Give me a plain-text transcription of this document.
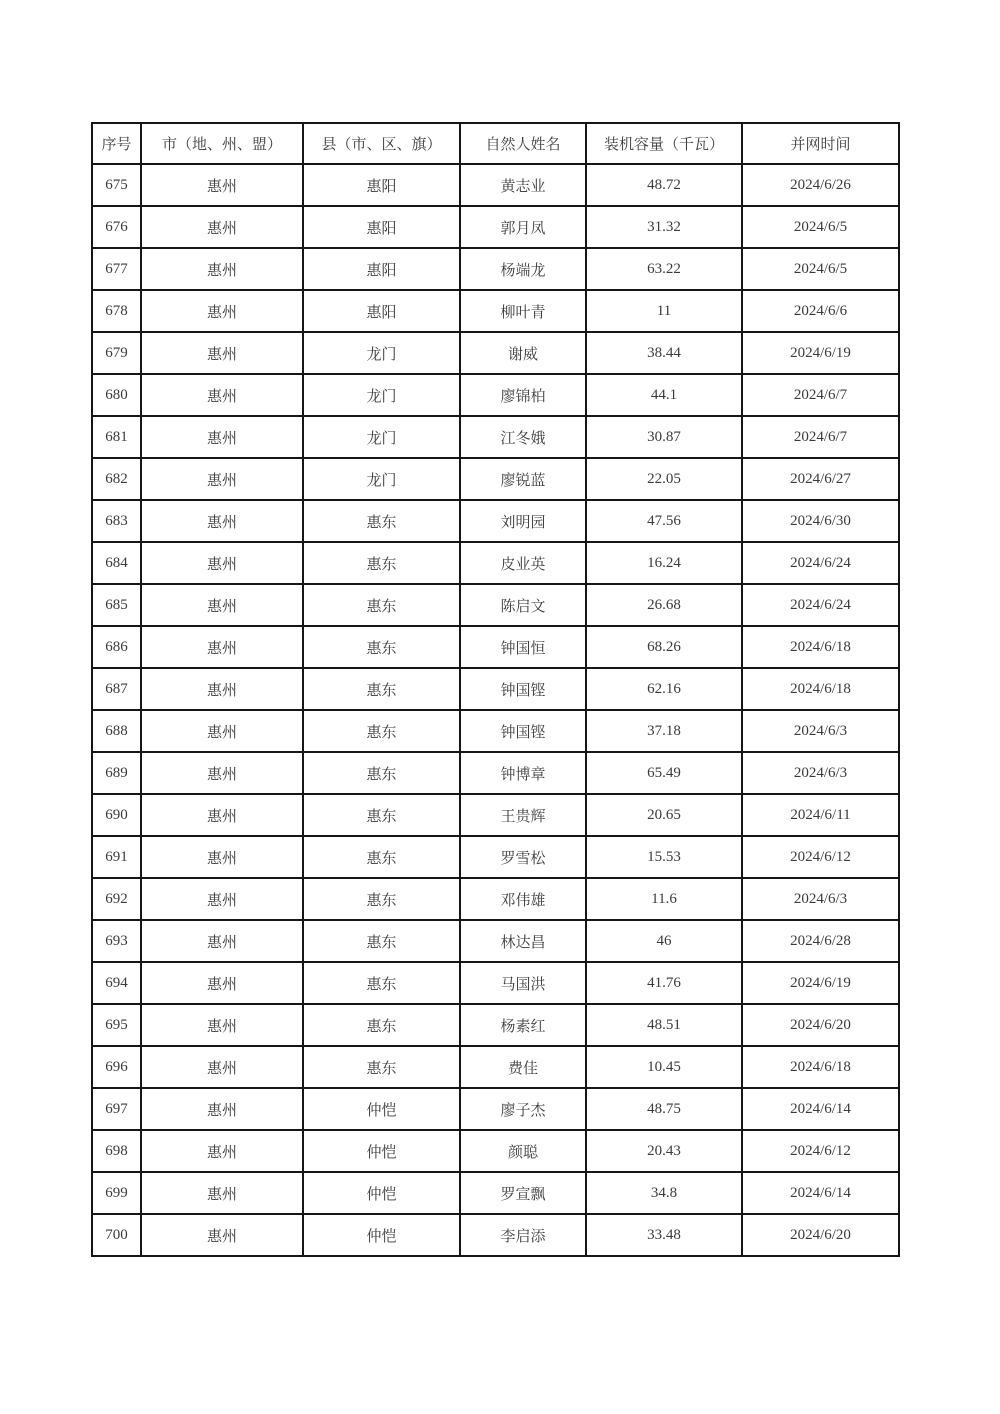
序号	市（地、州、盟）	县（市、区、旗）	自然人姓名	装机容量（千瓦）	并网时间
675	惠州	惠阳	黄志业	48.72	2024/6/26
676	惠州	惠阳	郭月凤	31.32	2024/6/5
677	惠州	惠阳	杨端龙	63.22	2024/6/5
678	惠州	惠阳	柳叶青	11	2024/6/6
679	惠州	龙门	谢威	38.44	2024/6/19
680	惠州	龙门	廖锦柏	44.1	2024/6/7
681	惠州	龙门	江冬娥	30.87	2024/6/7
682	惠州	龙门	廖锐蓝	22.05	2024/6/27
683	惠州	惠东	刘明园	47.56	2024/6/30
684	惠州	惠东	皮业英	16.24	2024/6/24
685	惠州	惠东	陈启文	26.68	2024/6/24
686	惠州	惠东	钟国恒	68.26	2024/6/18
687	惠州	惠东	钟国铿	62.16	2024/6/18
688	惠州	惠东	钟国铿	37.18	2024/6/3
689	惠州	惠东	钟博章	65.49	2024/6/3
690	惠州	惠东	王贵辉	20.65	2024/6/11
691	惠州	惠东	罗雪松	15.53	2024/6/12
692	惠州	惠东	邓伟雄	11.6	2024/6/3
693	惠州	惠东	林达昌	46	2024/6/28
694	惠州	惠东	马国洪	41.76	2024/6/19
695	惠州	惠东	杨素红	48.51	2024/6/20
696	惠州	惠东	费佳	10.45	2024/6/18
697	惠州	仲恺	廖子杰	48.75	2024/6/14
698	惠州	仲恺	颜聪	20.43	2024/6/12
699	惠州	仲恺	罗宣飘	34.8	2024/6/14
700	惠州	仲恺	李启添	33.48	2024/6/20
